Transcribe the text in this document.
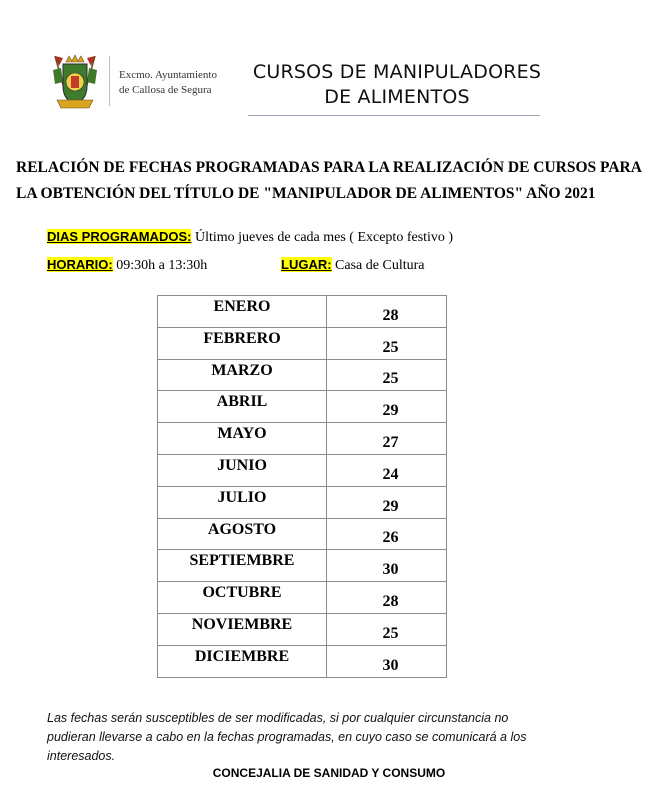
Excmo. Ayuntamiento
de Callosa de Segura
CURSOS DE MANIPULADORES
DE ALIMENTOS
RELACIÓN DE FECHAS PROGRAMADAS PARA LA REALIZACIÓN DE CURSOS PARA
LA OBTENCIÓN DEL TÍTULO DE "MANIPULADOR DE ALIMENTOS" AÑO 2021
DIAS PROGRAMADOS: Último jueves de cada mes ( Excepto festivo )
HORARIO: 09:30h a 13:30h	LUGAR: Casa de Cultura
ENERO	28
FEBRERO	25
MARZO	25
ABRIL	29
MAYO	27
JUNIO	24
JULIO	29
AGOSTO	26
SEPTIEMBRE	30
OCTUBRE	28
NOVIEMBRE	25
DICIEMBRE	30
Las fechas serán susceptibles de ser modificadas, si por cualquier circunstancia no
pudieran llevarse a cabo en la fechas programadas, en cuyo caso se comunicará a los
interesados.
CONCEJALIA DE SANIDAD Y CONSUMO
